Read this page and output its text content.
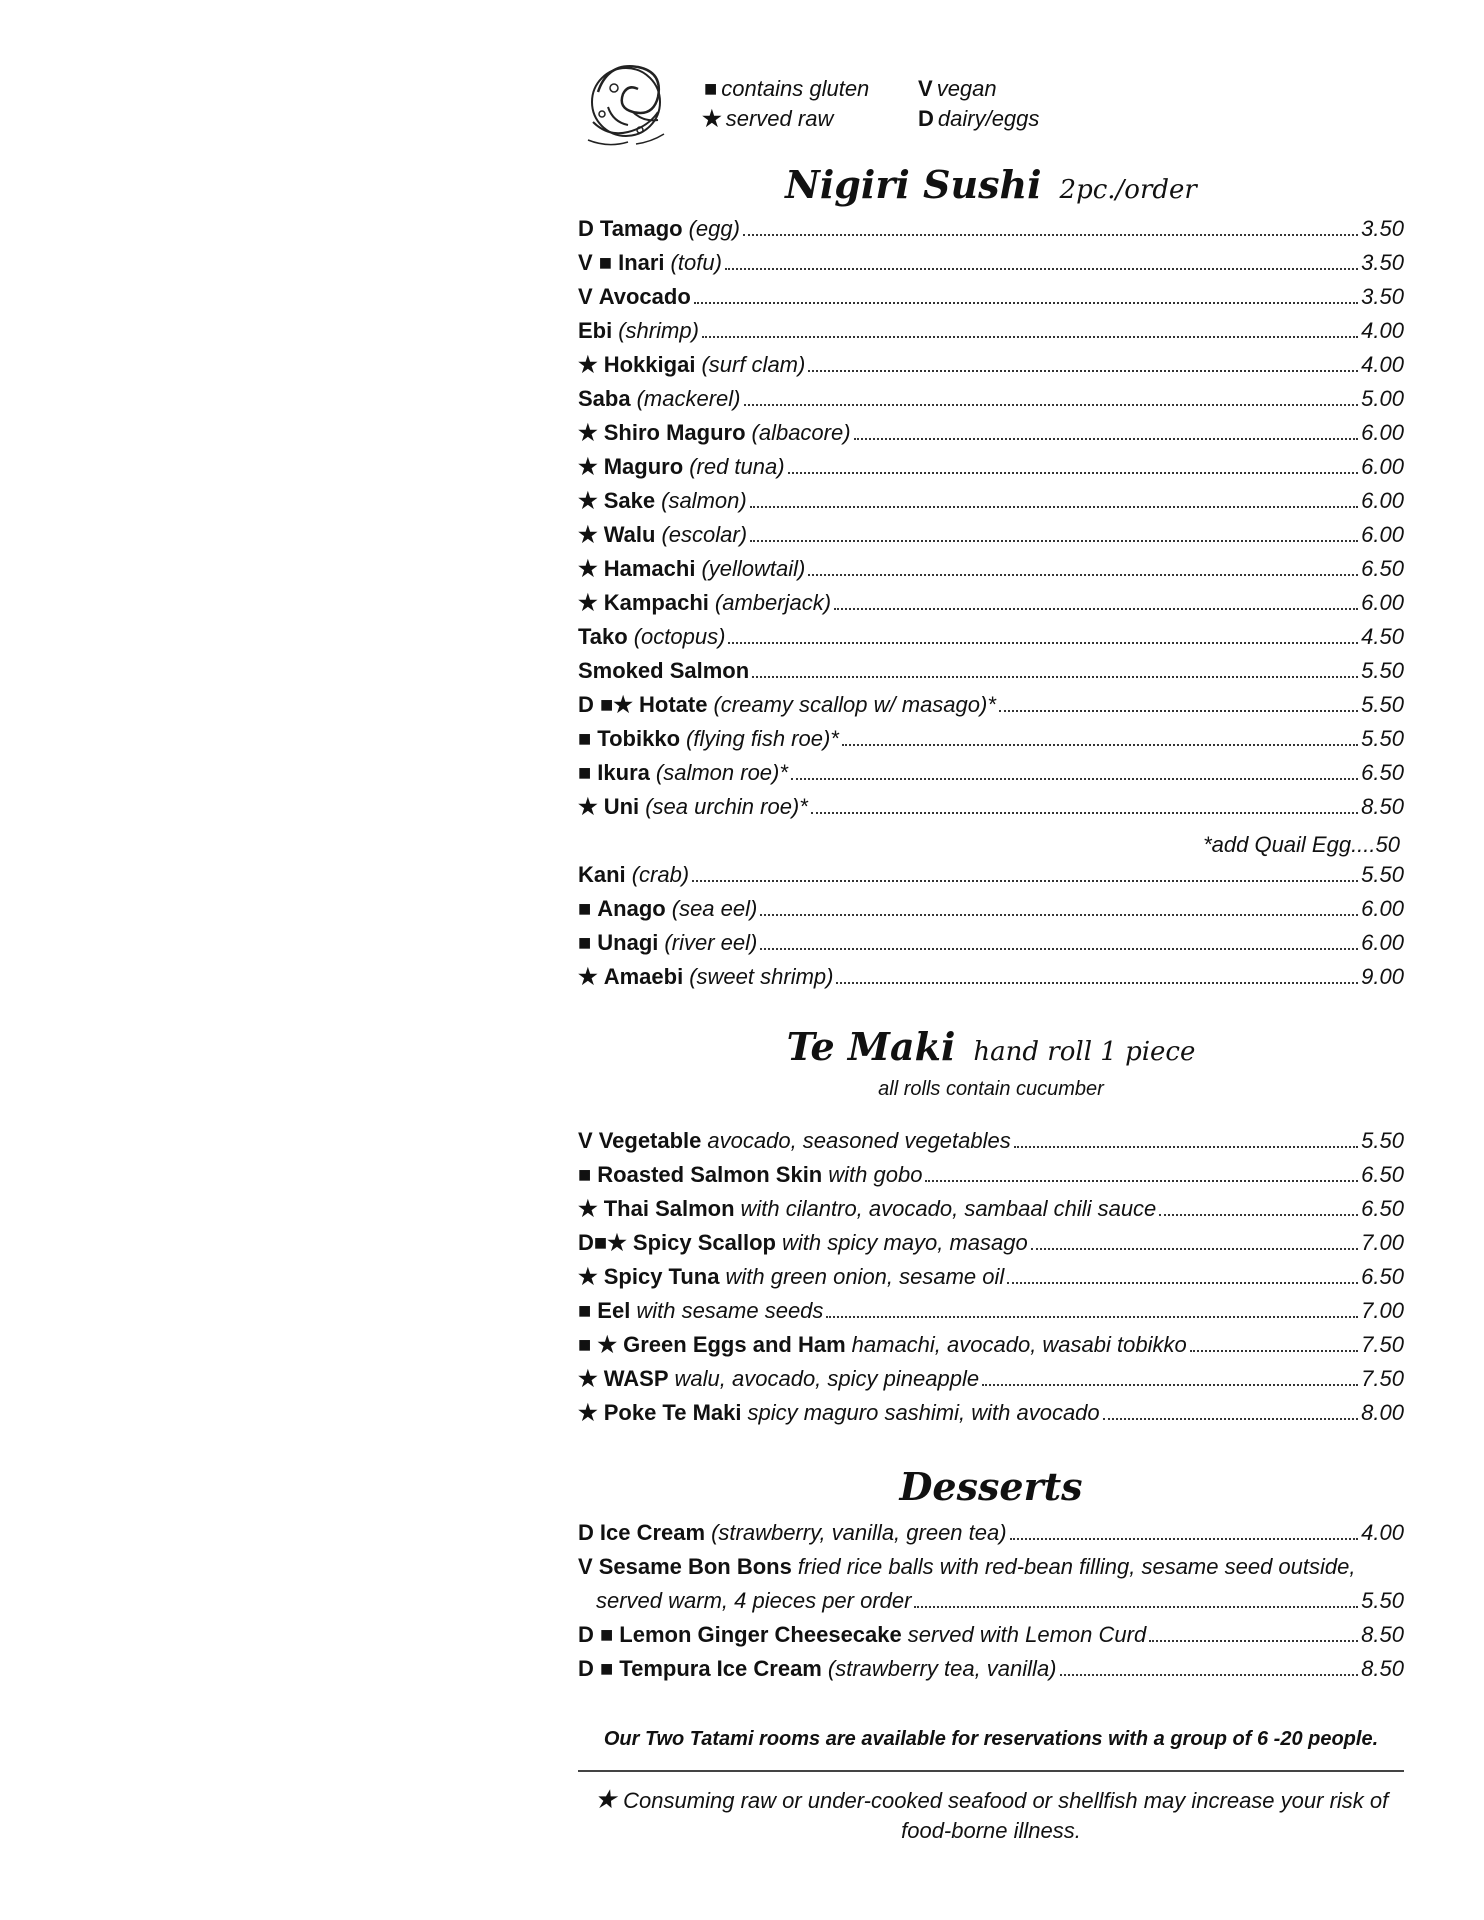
■ contains gluten
★ served raw
V vegan
D dairy/eggs
Nigiri Sushi 2pc./order
D Tamago (egg)	3.50
V ■ Inari (tofu)	3.50
V Avocado	3.50
Ebi (shrimp)	4.00
★ Hokkigai (surf clam)	4.00
Saba (mackerel)	5.00
★ Shiro Maguro (albacore)	6.00
★ Maguro (red tuna)	6.00
★ Sake (salmon)	6.00
★ Walu (escolar)	6.00
★ Hamachi (yellowtail)	6.50
★ Kampachi (amberjack)	6.00
Tako (octopus)	4.50
Smoked Salmon	5.50
D ■★ Hotate (creamy scallop w/ masago)*	5.50
■ Tobikko (flying fish roe)*	5.50
■ Ikura (salmon roe)*	6.50
★ Uni (sea urchin roe)*	8.50
*add Quail Egg....50
Kani (crab)	5.50
■ Anago (sea eel)	6.00
■ Unagi (river eel)	6.00
★ Amaebi (sweet shrimp)	9.00
Te Maki hand roll 1 piece
all rolls contain cucumber
V Vegetable avocado, seasoned vegetables	5.50
■ Roasted Salmon Skin with gobo	6.50
★ Thai Salmon with cilantro, avocado, sambaal chili sauce	6.50
D■★ Spicy Scallop with spicy mayo, masago	7.00
★ Spicy Tuna with green onion, sesame oil	6.50
■ Eel with sesame seeds	7.00
■ ★ Green Eggs and Ham hamachi, avocado, wasabi tobikko	7.50
★ WASP walu, avocado, spicy pineapple	7.50
★ Poke Te Maki spicy maguro sashimi, with avocado	8.00
Desserts
D Ice Cream (strawberry, vanilla, green tea)	4.00
V Sesame Bon Bons fried rice balls with red-bean filling, sesame seed outside,
served warm, 4 pieces per order	5.50
D ■ Lemon Ginger Cheesecake served with Lemon Curd	8.50
D ■ Tempura Ice Cream (strawberry tea, vanilla)	8.50
Our Two Tatami rooms are available for reservations with a group of 6 -20 people.
★ Consuming raw or under-cooked seafood or shellfish may increase your risk of
food-borne illness.
